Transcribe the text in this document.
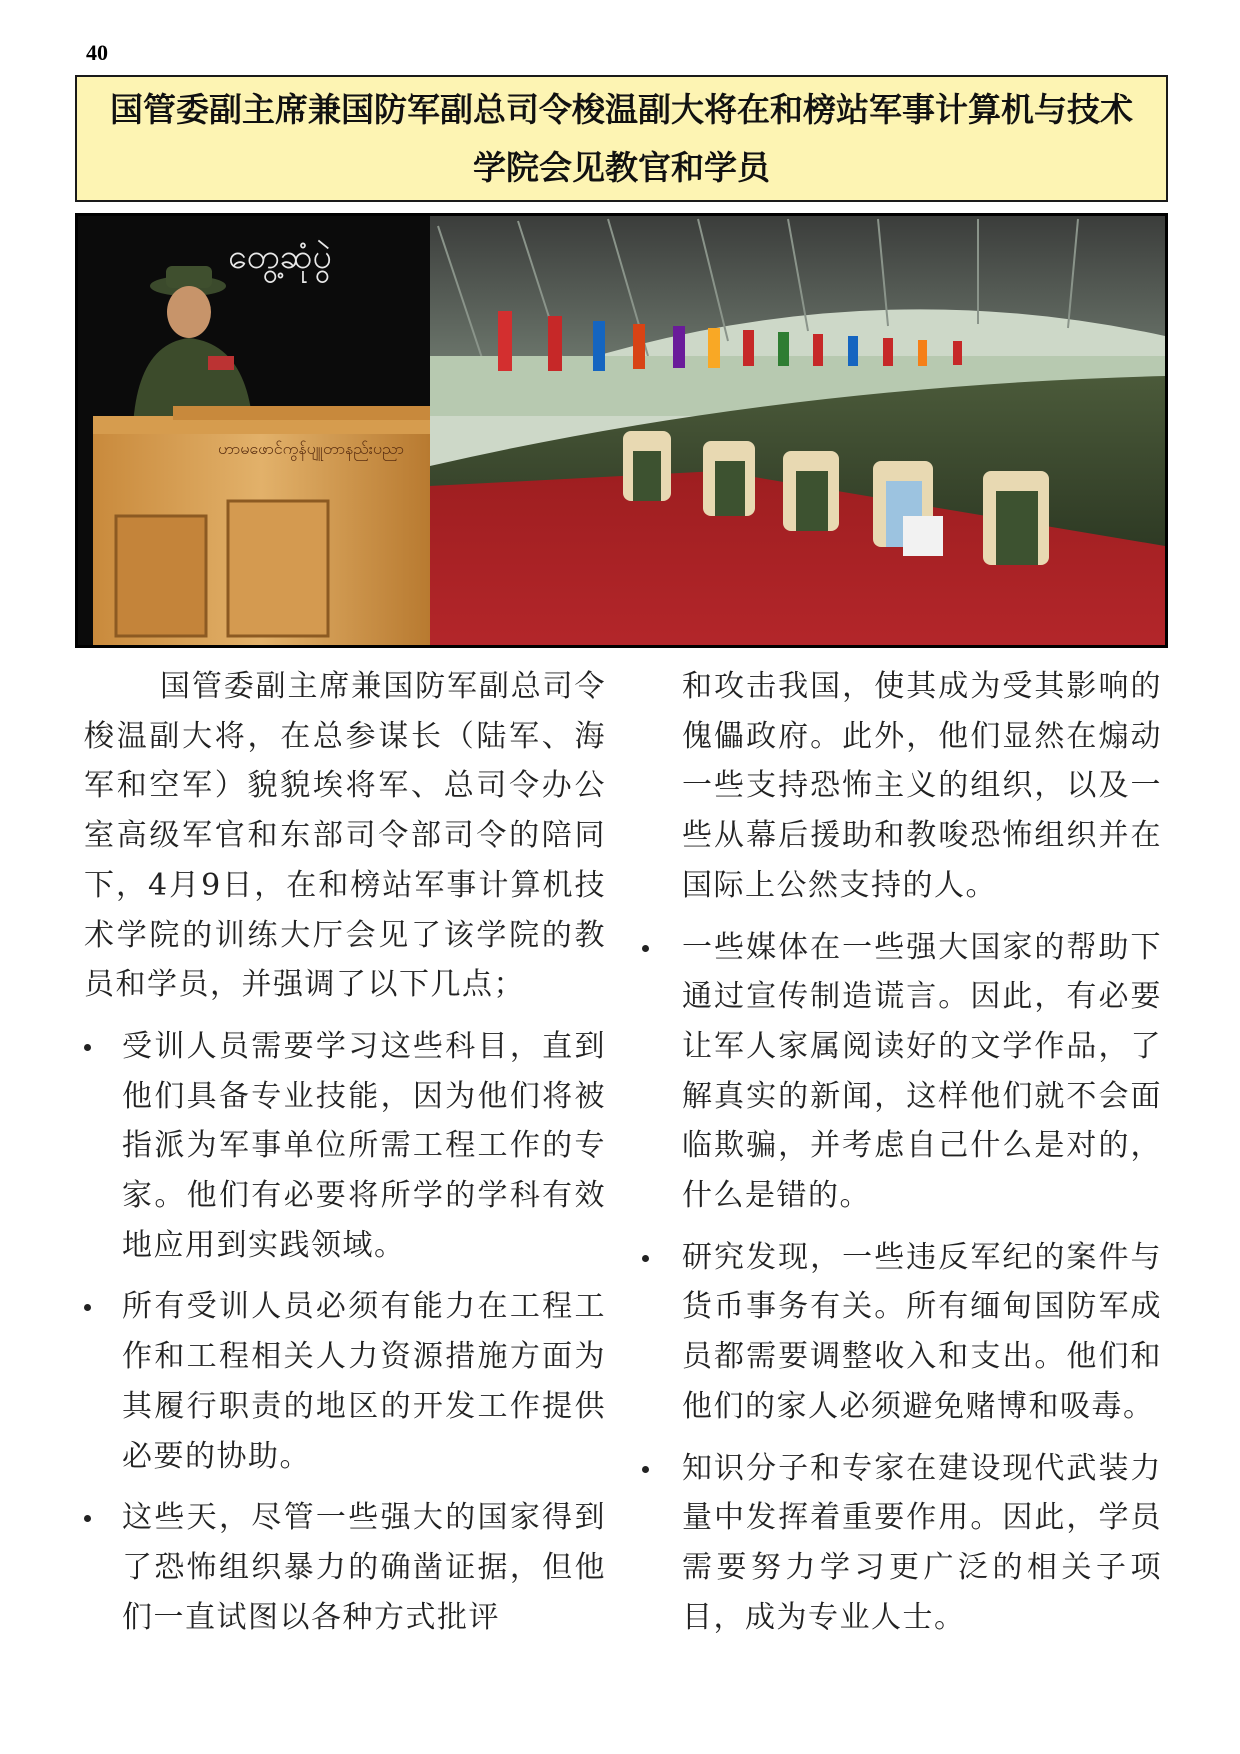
40
国管委副主席兼国防军副总司令梭温副大将在和榜站军事计算机与技术学院会见教官和学员
တွေ့ဆုံပွဲ
ဟာမဖောင်ကွန်ပျူတာနည်းပညာ

国管委副主席兼国防军副总司令梭温副大将，在总参谋长（陆军、海军和空军）貌貌埃将军、总司令办公室高级军官和东部司令部司令的陪同下，4月9日，在和榜站军事计算机技术学院的训练大厅会见了该学院的教员和学员，并强调了以下几点；

受训人员需要学习这些科目，直到他们具备专业技能，因为他们将被指派为军事单位所需工程工作的专家。他们有必要将所学的学科有效地应用到实践领域。
所有受训人员必须有能力在工程工作和工程相关人力资源措施方面为其履行职责的地区的开发工作提供必要的协助。
这些天，尽管一些强大的国家得到了恐怖组织暴力的确凿证据，但他们一直试图以各种方式批评

和攻击我国，使其成为受其影响的傀儡政府。此外，他们显然在煽动一些支持恐怖主义的组织，以及一些从幕后援助和教唆恐怖组织并在国际上公然支持的人。

一些媒体在一些强大国家的帮助下通过宣传制造谎言。因此，有必要让军人家属阅读好的文学作品，了解真实的新闻，这样他们就不会面临欺骗，并考虑自己什么是对的，什么是错的。
研究发现，一些违反军纪的案件与货币事务有关。所有缅甸国防军成员都需要调整收入和支出。他们和他们的家人必须避免赌博和吸毒。
知识分子和专家在建设现代武装力量中发挥着重要作用。因此，学员需要努力学习更广泛的相关子项目，成为专业人士。
